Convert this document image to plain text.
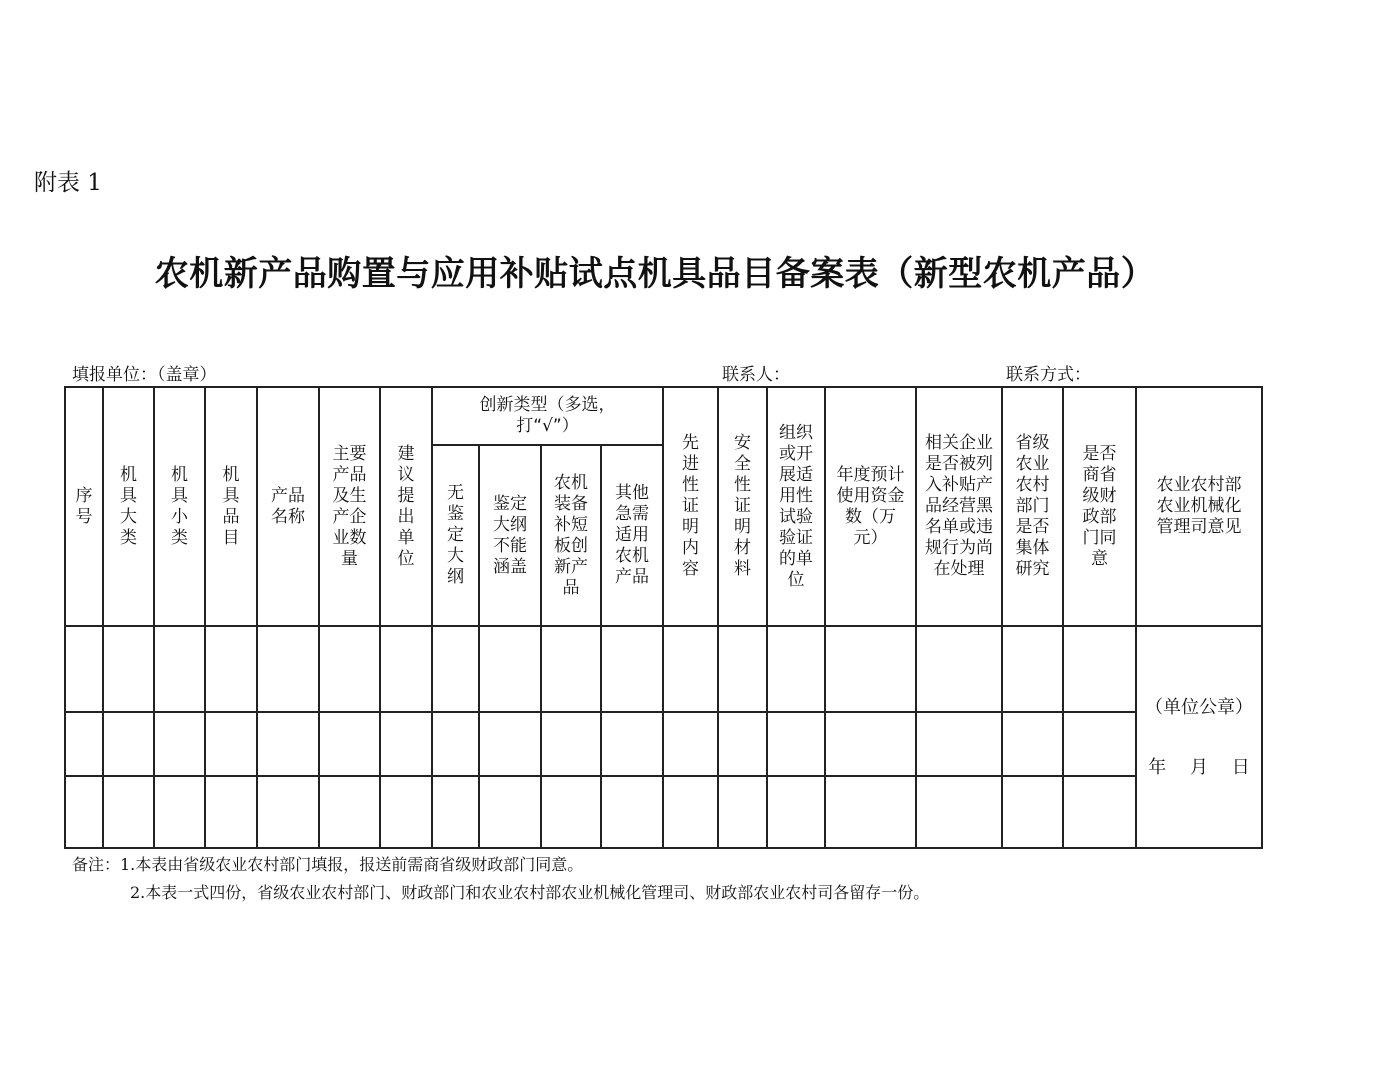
附表 1
农机新产品购置与应用补贴试点机具品目备案表（新型农机产品）
填报单位：（盖章）	联系人：	联系方式：
序号	机具大类	机具小类	机具品目	产品名称	主要产品及生产企业数量	建议提出单位	创新类型（多选，打“√”）				先进性证明内容	安全性证明材料	组织或开展适用性试验验证的单位	年度预计使用资金数（万元）	相关企业是否被列入补贴产品经营黑名单或违规行为尚在处理	省级农业农村部门是否集体研究	是否商省级财政部门同意	农业农村部农业机械化管理司意见
							无鉴定大纲	鉴定大纲不能涵盖	农机装备补短板创新产品	其他急需适用农机产品								

																		（单位公章）
年 月 日

备注：1.本表由省级农业农村部门填报，报送前需商省级财政部门同意。
2.本表一式四份，省级农业农村部门、财政部门和农业农村部农业机械化管理司、财政部农业农村司各留存一份。
